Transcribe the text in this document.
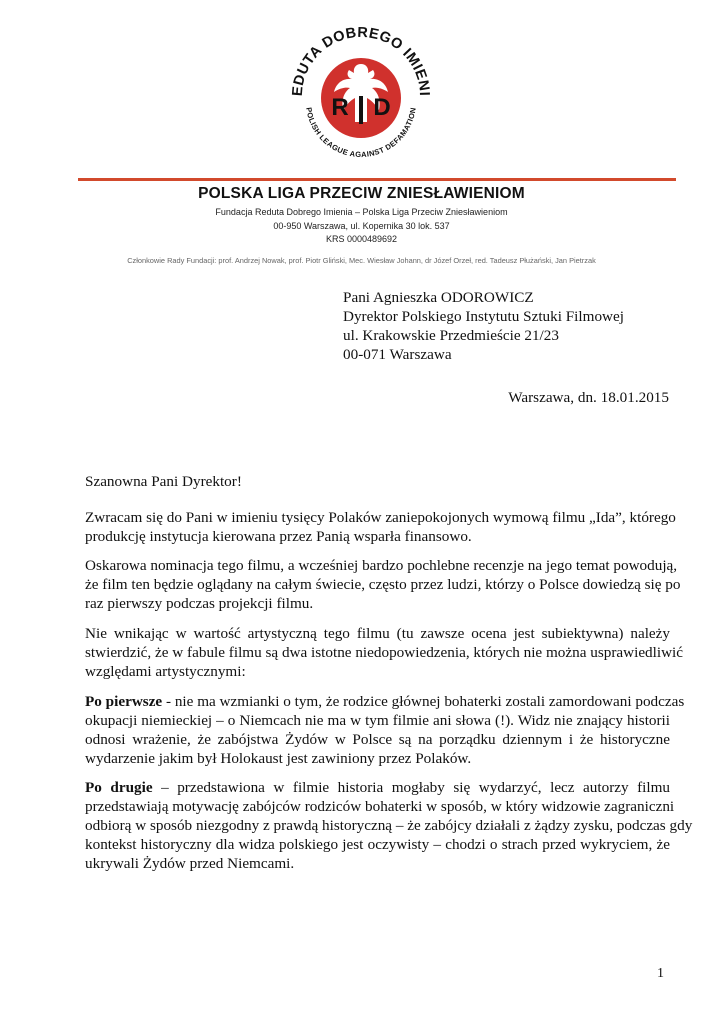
EDUTA DOBREGO IMIENI
POLISH LEAGUE AGAINST DEFAMATION
R D
POLSKA LIGA PRZECIW ZNIESŁAWIENIOM
Fundacja Reduta Dobrego Imienia – Polska Liga Przeciw Zniesławieniom
00-950 Warszawa, ul. Kopernika 30 lok. 537
KRS 0000489692
Członkowie Rady Fundacji: prof. Andrzej Nowak, prof. Piotr Gliński, Mec. Wiesław Johann, dr Józef Orzeł, red. Tadeusz Płużański, Jan Pietrzak
Pani Agnieszka ODOROWICZ
Dyrektor Polskiego Instytutu Sztuki Filmowej
ul. Krakowskie Przedmieście 21/23
00-071 Warszawa
Warszawa, dn. 18.01.2015
Szanowna Pani Dyrektor!
Zwracam się do Pani w imieniu tysięcy Polaków zaniepokojonych wymową filmu „Ida”, którego
produkcję instytucja kierowana przez Panią wsparła finansowo.
Oskarowa nominacja tego filmu, a wcześniej bardzo pochlebne recenzje na jego temat powodują,
że film ten będzie oglądany na całym świecie, często przez ludzi, którzy o Polsce dowiedzą się po
raz pierwszy podczas projekcji filmu.
Nie wnikając w wartość artystyczną tego filmu (tu zawsze ocena jest subiektywna) należy
stwierdzić, że w fabule filmu są dwa istotne niedopowiedzenia, których nie można usprawiedliwić
względami artystycznymi:
Po pierwsze - nie ma wzmianki o tym, że rodzice głównej bohaterki zostali zamordowani podczas
okupacji niemieckiej – o Niemcach nie ma w tym filmie ani słowa (!). Widz nie znający historii
odnosi wrażenie, że zabójstwa Żydów w Polsce są na porządku dziennym i że historyczne
wydarzenie jakim był Holokaust jest zawiniony przez Polaków.
Po drugie – przedstawiona w filmie historia mogłaby się wydarzyć, lecz autorzy filmu
przedstawiają motywację zabójców rodziców bohaterki w sposób, w który widzowie zagraniczni
odbiorą w sposób niezgodny z prawdą historyczną – że zabójcy działali z żądzy zysku, podczas gdy
kontekst historyczny dla widza polskiego jest oczywisty – chodzi o strach przed wykryciem, że
ukrywali Żydów przed Niemcami.
1
